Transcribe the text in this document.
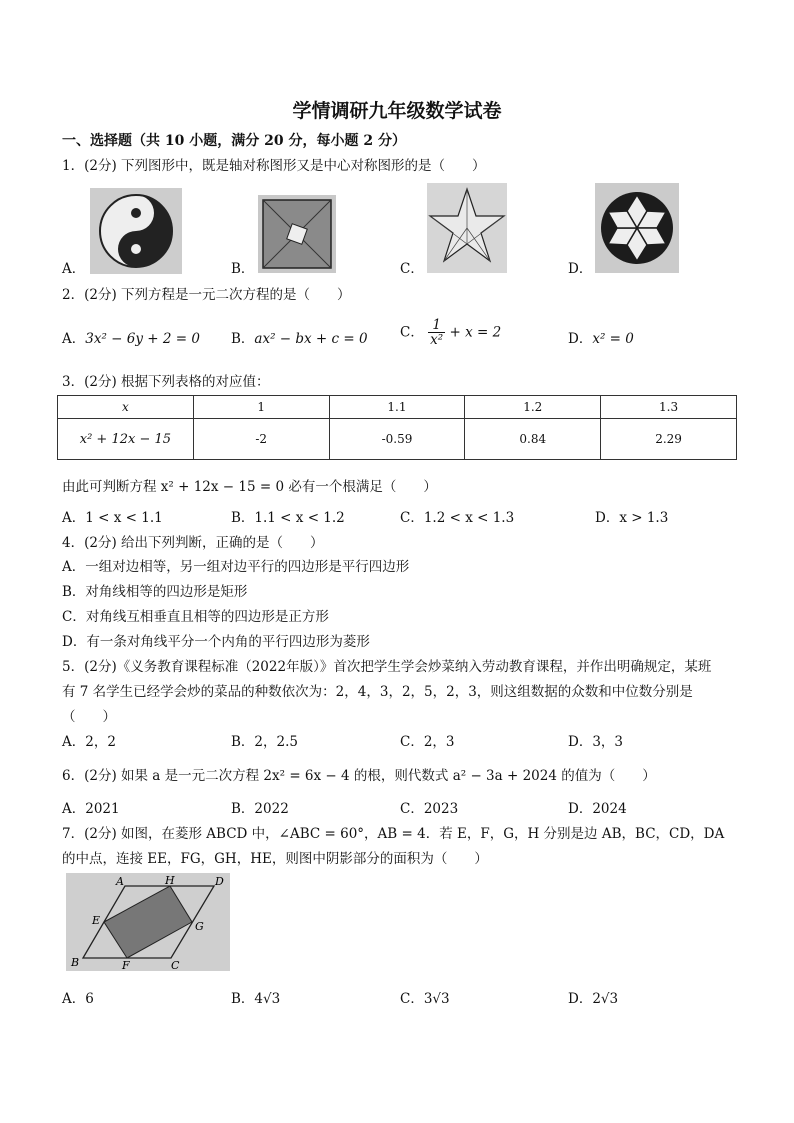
学情调研九年级数学试卷
一、选择题（共 10 小题，满分 20 分，每小题 2 分）
1．(2分) 下列图形中，既是轴对称图形又是中心对称图形的是（　　）
A．	B．	C．	D．
2．(2分) 下列方程是一元二次方程的是（　　）
A．3x² − 6y + 2 = 0 B．ax² − bx + c = 0 C． $\frac{1}{\text{x²}} + x = 2$	D．x² = 0
3．(2分) 根据下列表格的对应值：
x	1	1.1	1.2	1.3
x² + 12x − 15	-2	-0.59	0.84	2.29
由此可判断方程 x² + 12x − 15 = 0 必有一个根满足（　　）
A．1 < x < 1.1	B．1.1 < x < 1.2	C．1.2 < x < 1.3	D．x > 1.3
4．(2分) 给出下列判断，正确的是（　　）
A．一组对边相等，另一组对边平行的四边形是平行四边形
B．对角线相等的四边形是矩形
C．对角线互相垂直且相等的四边形是正方形
D．有一条对角线平分一个内角的平行四边形为菱形
5．(2分)《义务教育课程标准（2022年版）》首次把学生学会炒菜纳入劳动教育课程，并作出明确规定，某班
有 7 名学生已经学会炒的菜品的种数依次为：2，4，3，2，5，2，3，则这组数据的众数和中位数分别是
（　　）
A．2，2	B．2，2.5	C．2，3	D．3，3
6．(2分) 如果 a 是一元二次方程 2x² = 6x − 4 的根，则代数式 a² − 3a + 2024 的值为（　　）
A．2021	B．2022	C．2023	D．2024
7．(2分) 如图，在菱形 ABCD 中，∠ABC = 60°，AB = 4．若 E，F，G，H 分别是边 AB，BC，CD，DA
的中点，连接 EE，FG，GH，HE，则图中阴影部分的面积为（　　）
A	H	D
E	G
B	F	C
A．6	B．4√3	C．3√3	D．2√3
